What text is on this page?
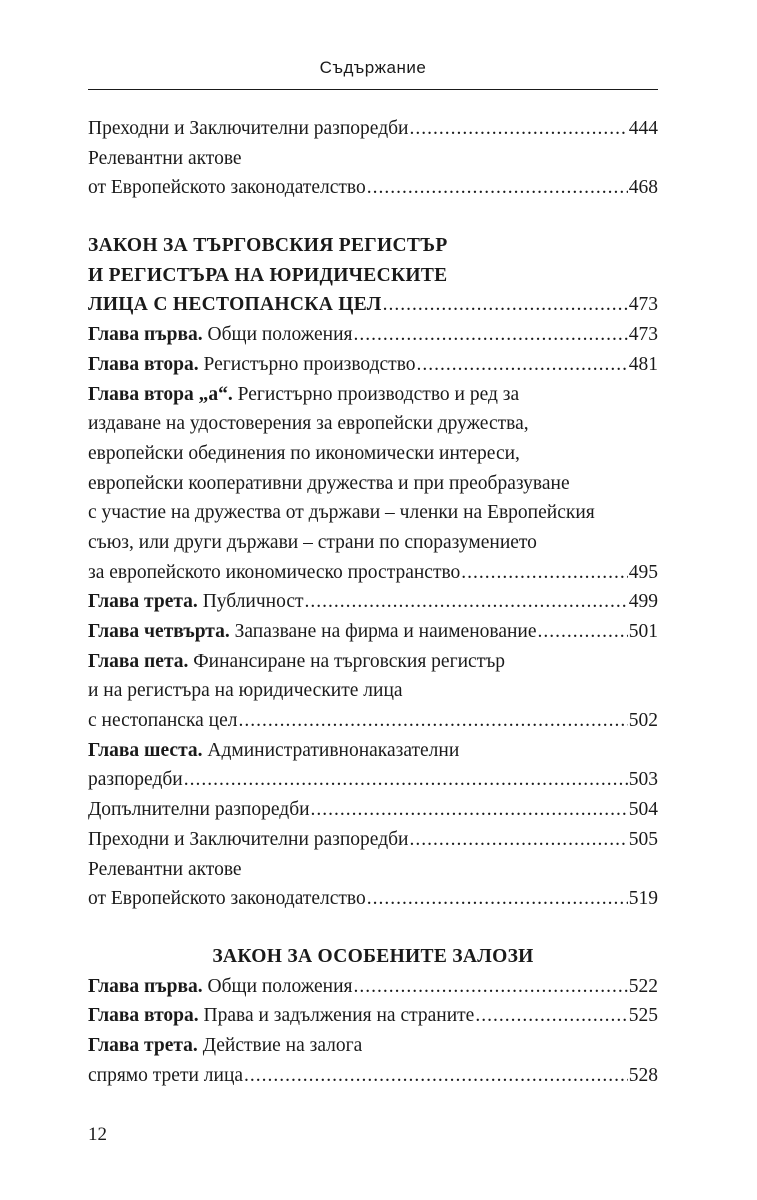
Съдържание
Преходни и Заключителни разпоредби .....	444
Релевантни актове
от Европейското законодателство .....	468
ЗАКОН ЗА ТЪРГОВСКИЯ РЕГИСТЪР
И РЕГИСТЪРА НА ЮРИДИЧЕСКИТЕ
ЛИЦА С НЕСТОПАНСКА ЦЕЛ .....	473
Глава първа. Общи положения .....	473
Глава втора. Регистърно производство .....	481
Глава втора „а“. Регистърно производство и ред за
издаване на удостоверения за европейски дружества,
европейски обединения по икономически интереси,
европейски кооперативни дружества и при преобразуване
с участие на дружества от държави – членки на Европейския
съюз, или други държави – страни по споразумението
за европейското икономическо пространство .....	495
Глава трета. Публичност .....	499
Глава четвърта. Запазване на фирма и наименование .....	501
Глава пета. Финансиране на търговския регистър
и на регистъра на юридическите лица
с нестопанска цел .....	502
Глава шеста. Административнонаказателни
разпоредби .....	503
Допълнителни разпоредби .....	504
Преходни и Заключителни разпоредби .....	505
Релевантни актове
от Европейското законодателство .....	519
ЗАКОН ЗА ОСОБЕНИТЕ ЗАЛОЗИ
Глава първа. Общи положения .....	522
Глава втора. Права и задължения на страните .....	525
Глава трета. Действие на залога
спрямо трети лица .....	528
12
